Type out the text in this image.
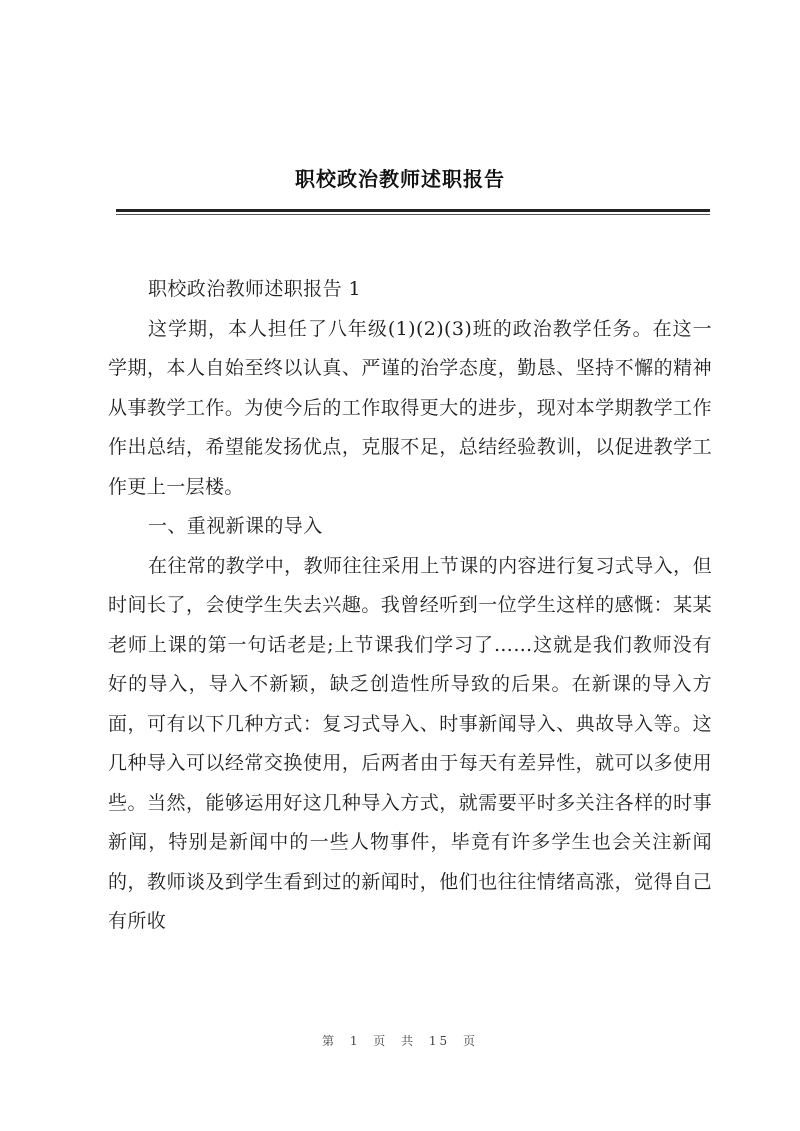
职校政治教师述职报告

职校政治教师述职报告 1

这学期，本人担任了八年级(1)(2)(3)班的政治教学任务。在这一学期，本人自始至终以认真、严谨的治学态度，勤恳、坚持不懈的精神从事教学工作。为使今后的工作取得更大的进步，现对本学期教学工作作出总结，希望能发扬优点，克服不足，总结经验教训，以促进教学工作更上一层楼。

一、重视新课的导入

在往常的教学中，教师往往采用上节课的内容进行复习式导入，但时间长了，会使学生失去兴趣。我曾经听到一位学生这样的感慨：某某老师上课的第一句话老是;上节课我们学习了……这就是我们教师没有好的导入，导入不新颖，缺乏创造性所导致的后果。在新课的导入方面，可有以下几种方式：复习式导入、时事新闻导入、典故导入等。这几种导入可以经常交换使用，后两者由于每天有差异性，就可以多使用些。当然，能够运用好这几种导入方式，就需要平时多关注各样的时事新闻，特别是新闻中的一些人物事件，毕竟有许多学生也会关注新闻的，教师谈及到学生看到过的新闻时，他们也往往情绪高涨，觉得自己有所收

第 1 页 共 15 页
